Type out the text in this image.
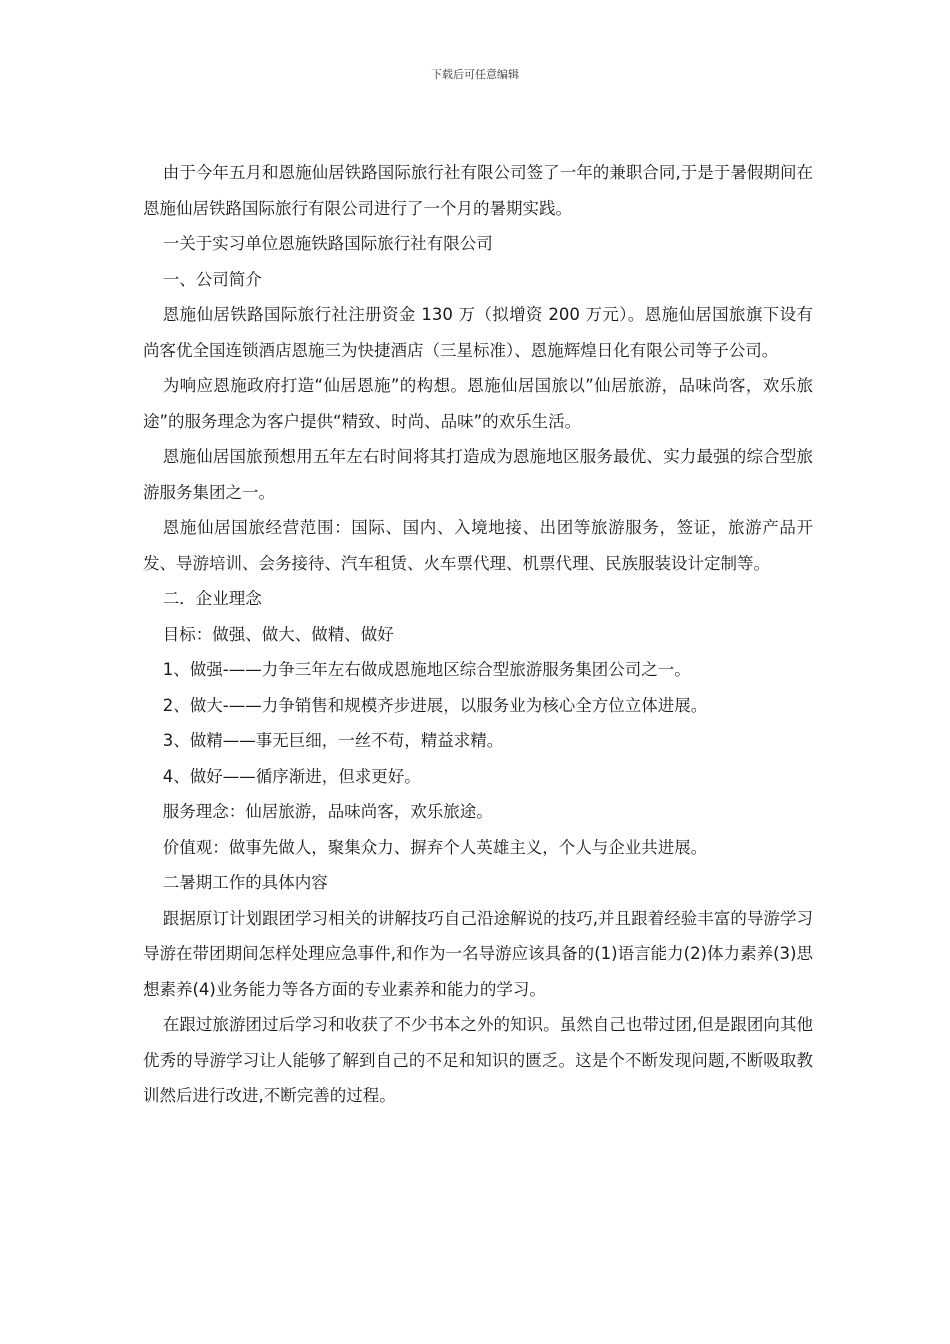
下载后可任意编辑

由于今年五月和恩施仙居铁路国际旅行社有限公司签了一年的兼职合同,于是于暑假期间在恩施仙居铁路国际旅行有限公司进行了一个月的暑期实践。

一关于实习单位恩施铁路国际旅行社有限公司

一、公司简介

恩施仙居铁路国际旅行社注册资金 130 万（拟增资 200 万元）。恩施仙居国旅旗下设有尚客优全国连锁酒店恩施三为快捷酒店（三星标准）、恩施辉煌日化有限公司等子公司。

为响应恩施政府打造“仙居恩施”的构想。恩施仙居国旅以”仙居旅游，品味尚客，欢乐旅途”的服务理念为客户提供“精致、时尚、品味”的欢乐生活。

恩施仙居国旅预想用五年左右时间将其打造成为恩施地区服务最优、实力最强的综合型旅游服务集团之一。

恩施仙居国旅经营范围：国际、国内、入境地接、出团等旅游服务，签证，旅游产品开发、导游培训、会务接待、汽车租赁、火车票代理、机票代理、民族服装设计定制等。

二．企业理念

目标：做强、做大、做精、做好

1、做强-——力争三年左右做成恩施地区综合型旅游服务集团公司之一。

2、做大-——力争销售和规模齐步进展，以服务业为核心全方位立体进展。

3、做精——事无巨细，一丝不苟，精益求精。

4、做好——循序渐进，但求更好。

服务理念：仙居旅游，品味尚客，欢乐旅途。

价值观：做事先做人，聚集众力、摒弃个人英雄主义，个人与企业共进展。

二暑期工作的具体内容

跟据原订计划跟团学习相关的讲解技巧自己沿途解说的技巧,并且跟着经验丰富的导游学习导游在带团期间怎样处理应急事件,和作为一名导游应该具备的(1)语言能力(2)体力素养(3)思想素养(4)业务能力等各方面的专业素养和能力的学习。

在跟过旅游团过后学习和收获了不少书本之外的知识。虽然自己也带过团,但是跟团向其他优秀的导游学习让人能够了解到自己的不足和知识的匮乏。这是个不断发现问题,不断吸取教训然后进行改进,不断完善的过程。
